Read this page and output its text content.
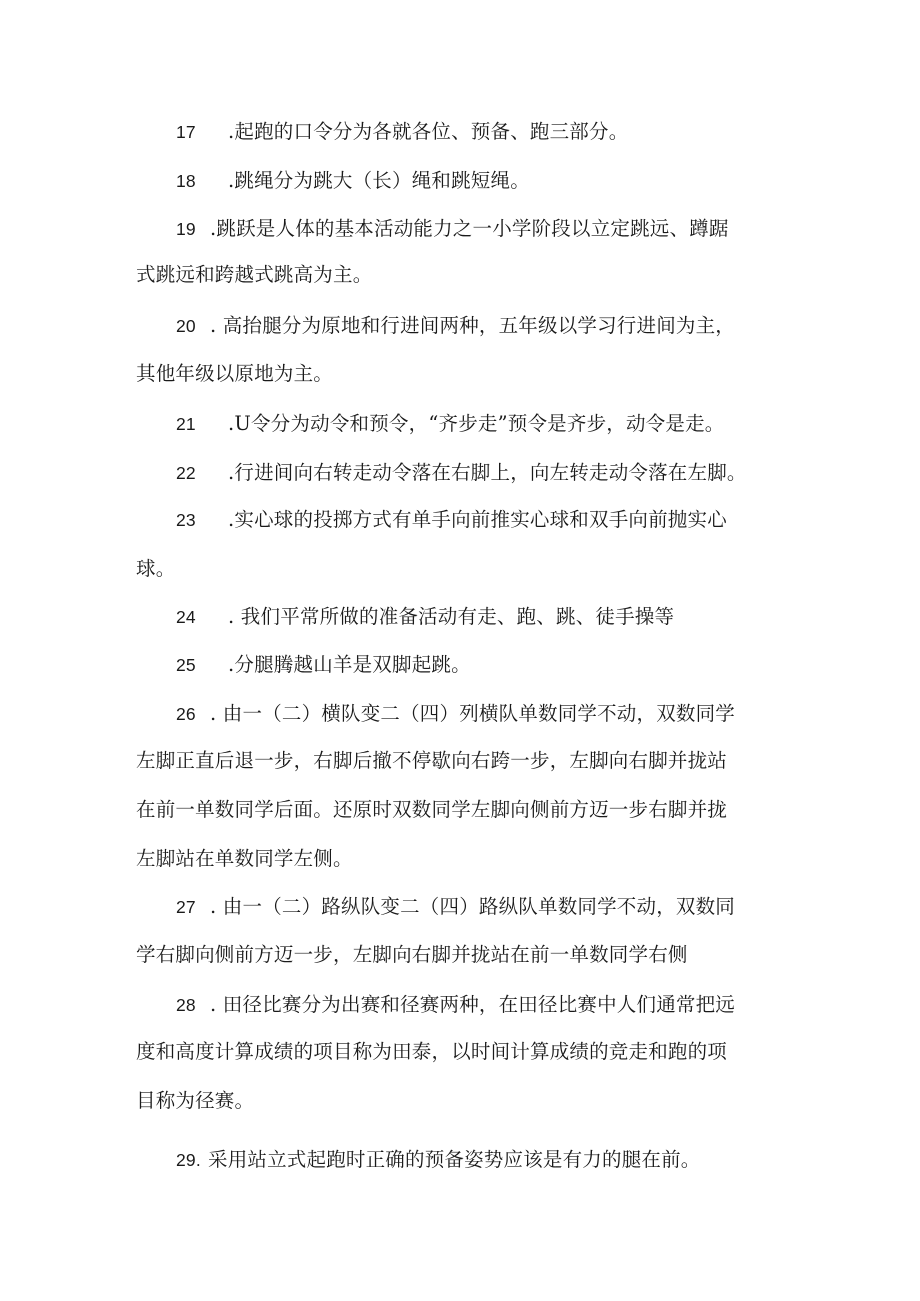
17 .起跑的口令分为各就各位、预备、跑三部分。
18 .跳绳分为跳大（长）绳和跳短绳。
19 .跳跃是人体的基本活动能力之一小学阶段以立定跳远、蹲踞
式跳远和跨越式跳高为主。
20 . 高抬腿分为原地和行进间两种，五年级以学习行进间为主，
其他年级以原地为主。
21 .U令分为动令和预令，“齐步走”预令是齐步，动令是走。
22 .行进间向右转走动令落在右脚上，向左转走动令落在左脚。
23 .实心球的投掷方式有单手向前推实心球和双手向前抛实心
球。
24 . 我们平常所做的准备活动有走、跑、跳、徒手操等
25 .分腿腾越山羊是双脚起跳。
26 . 由一（二）横队变二（四）列横队单数同学不动，双数同学
左脚正直后退一步，右脚后撤不停歇向右跨一步，左脚向右脚并拢站
在前一单数同学后面。还原时双数同学左脚向侧前方迈一步右脚并拢
左脚站在单数同学左侧。
27 . 由一（二）路纵队变二（四）路纵队单数同学不动，双数同
学右脚向侧前方迈一步，左脚向右脚并拢站在前一单数同学右侧
28 . 田径比赛分为出赛和径赛两种，在田径比赛中人们通常把远
度和高度计算成绩的项目称为田泰，以时间计算成绩的竞走和跑的项
目称为径赛。
29. 采用站立式起跑时正确的预备姿势应该是有力的腿在前。
